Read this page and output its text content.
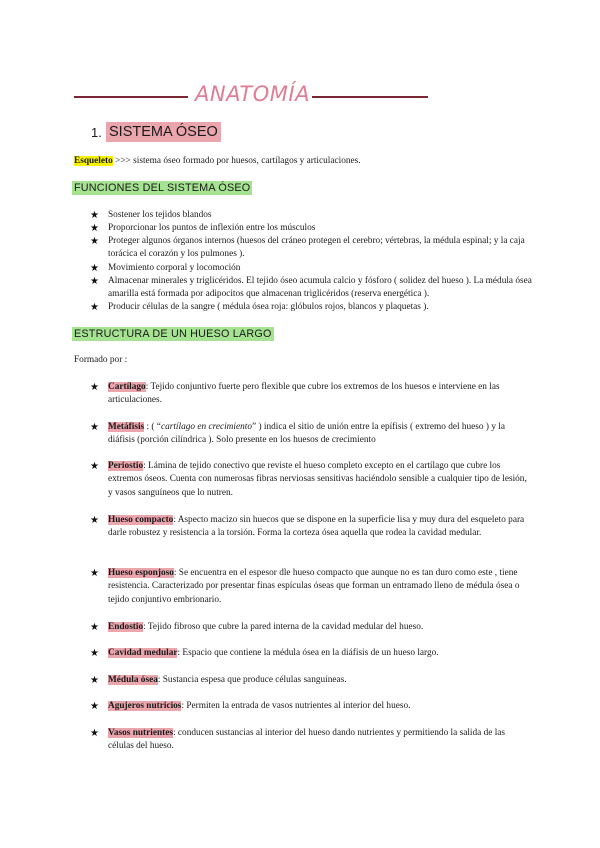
ANATOMÍA
1. SISTEMA ÓSEO
Esqueleto >>> sistema óseo formado por huesos, cartílagos y articulaciones.
FUNCIONES DEL SISTEMA ÓSEO
★ Sostener los tejidos blandos
★ Proporcionar los puntos de inflexión entre los músculos
★ Proteger algunos órganos internos (huesos del cráneo protegen el cerebro; vértebras, la médula espinal; y la caja torácica el corazón y los pulmones ).
★ Movimiento corporal y locomoción
★ Almacenar minerales y triglicéridos. El tejido óseo acumula calcio y fósforo ( solidez del hueso ). La médula ósea amarilla está formada por adipocitos que almacenan triglicéridos (reserva energética ).
★ Producir células de la sangre ( médula ósea roja: glóbulos rojos, blancos y plaquetas ).
ESTRUCTURA DE UN HUESO LARGO
Formado por :
★ Cartílago: Tejido conjuntivo fuerte pero flexible que cubre los extremos de los huesos e interviene en las articulaciones.
★ Metáfisis : ( “cartílago en crecimiento” ) indica el sitio de unión entre la epífisis ( extremo del hueso ) y la diáfisis (porción cilíndrica ). Solo presente en los huesos de crecimiento
★ Periostio: Lámina de tejido conectivo que reviste el hueso completo excepto en el cartílago que cubre los extremos óseos. Cuenta con numerosas fibras nerviosas sensitivas haciéndolo sensible a cualquier tipo de lesión, y vasos sanguíneos que lo nutren.
★ Hueso compacto: Aspecto macizo sin huecos que se dispone en la superficie lisa y muy dura del esqueleto para darle robustez y resistencia a la torsión. Forma la corteza ósea aquella que rodea la cavidad medular.
★ Hueso esponjoso: Se encuentra en el espesor dle hueso compacto que aunque no es tan duro como este , tiene resistencia. Caracterizado por presentar finas espículas óseas que forman un entramado lleno de médula ósea o tejido conjuntivo embrionario.
★ Endostio: Tejido fibroso que cubre la pared interna de la cavidad medular del hueso.
★ Cavidad medular: Espacio que contiene la médula ósea en la diáfisis de un hueso largo.
★ Médula ósea: Sustancia espesa que produce células sanguíneas.
★ Agujeros nutricios: Permiten la entrada de vasos nutrientes al interior del hueso.
★ Vasos nutrientes: conducen sustancias al interior del hueso dando nutrientes y permitiendo la salida de las células del hueso.
